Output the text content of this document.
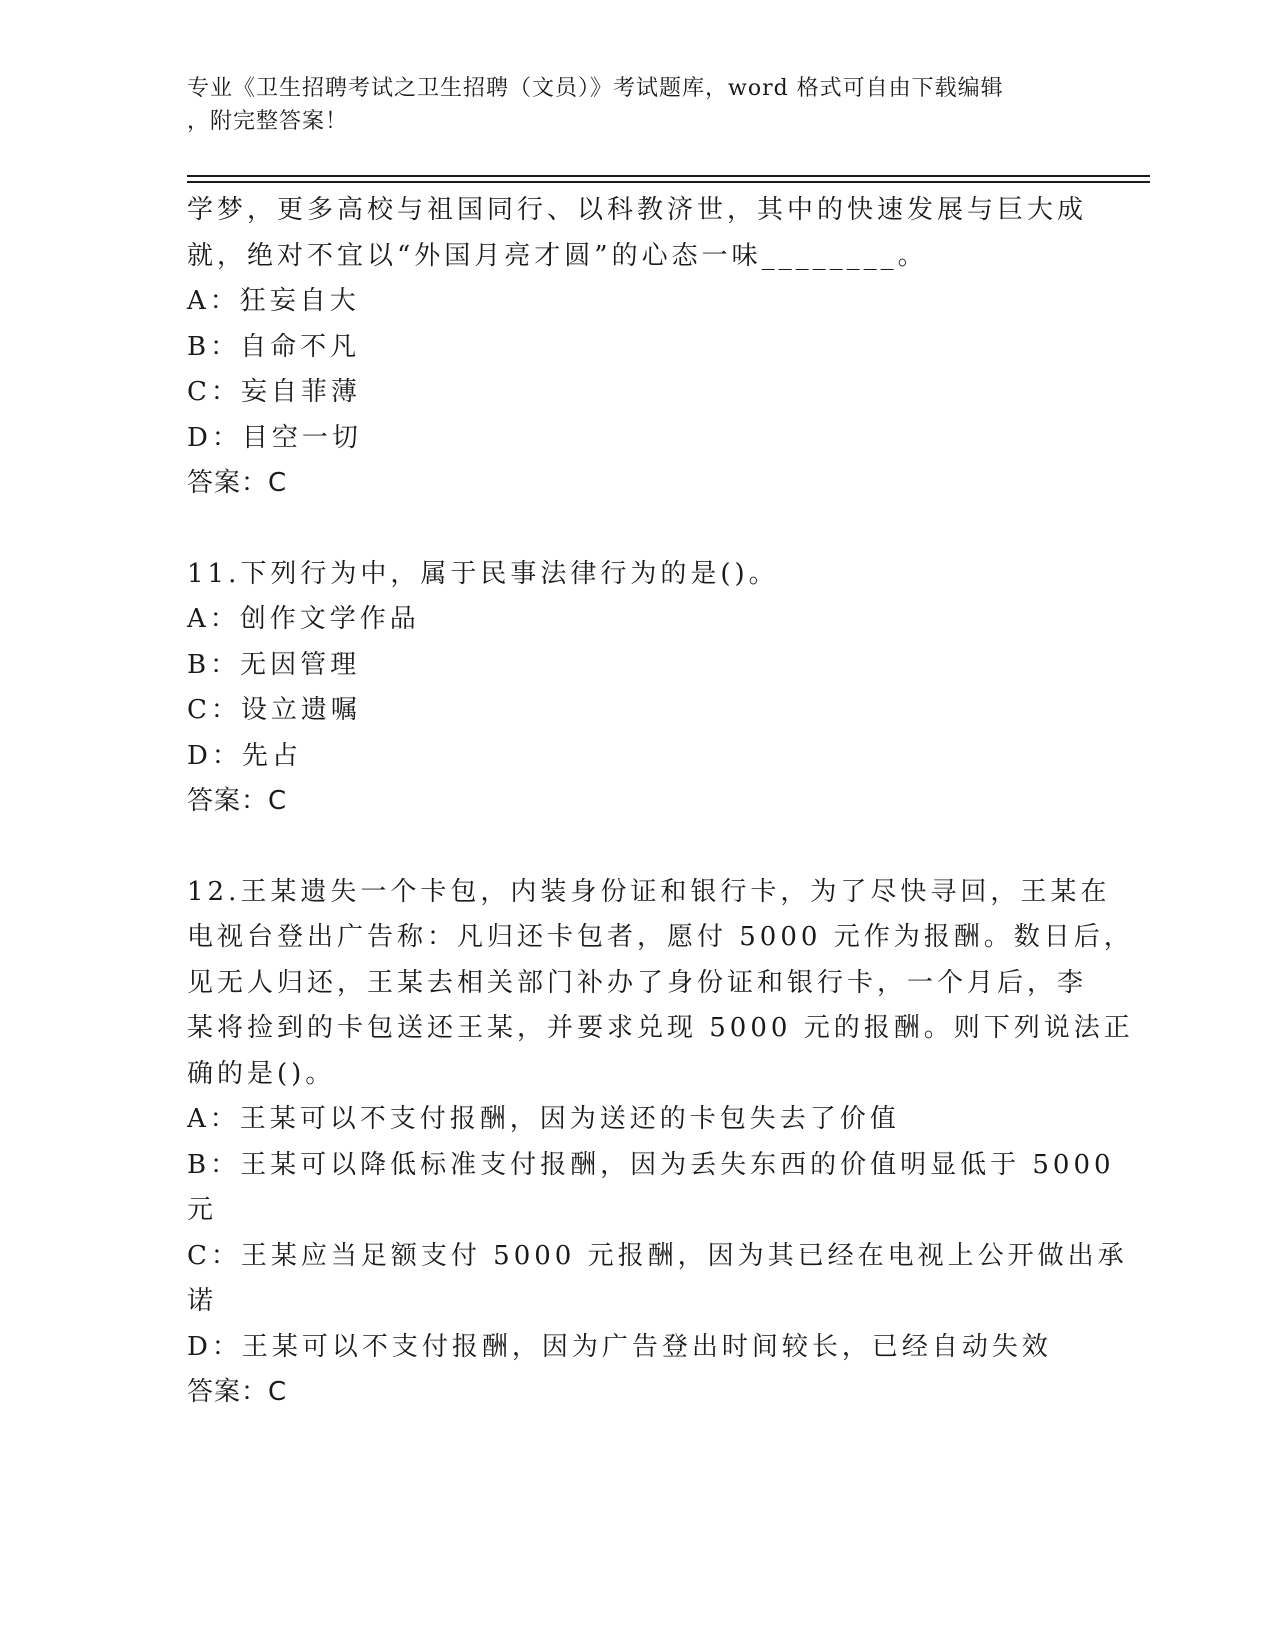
专业《卫生招聘考试之卫生招聘（文员）》考试题库，word 格式可自由下载编辑
，附完整答案！
学梦，更多高校与祖国同行、以科教济世，其中的快速发展与巨大成
就，绝对不宜以“外国月亮才圆”的心态一味________。
A：狂妄自大
B：自命不凡
C：妄自菲薄
D：目空一切
答案：C
11.下列行为中，属于民事法律行为的是()。
A：创作文学作品
B：无因管理
C：设立遗嘱
D：先占
答案：C
12.王某遗失一个卡包，内装身份证和银行卡，为了尽快寻回，王某在
电视台登出广告称：凡归还卡包者，愿付 5000 元作为报酬。数日后，
见无人归还，王某去相关部门补办了身份证和银行卡，一个月后，李
某将捡到的卡包送还王某，并要求兑现 5000 元的报酬。则下列说法正
确的是()。
A：王某可以不支付报酬，因为送还的卡包失去了价值
B：王某可以降低标准支付报酬，因为丢失东西的价值明显低于 5000
元
C：王某应当足额支付 5000 元报酬，因为其已经在电视上公开做出承
诺
D：王某可以不支付报酬，因为广告登出时间较长，已经自动失效
答案：C
